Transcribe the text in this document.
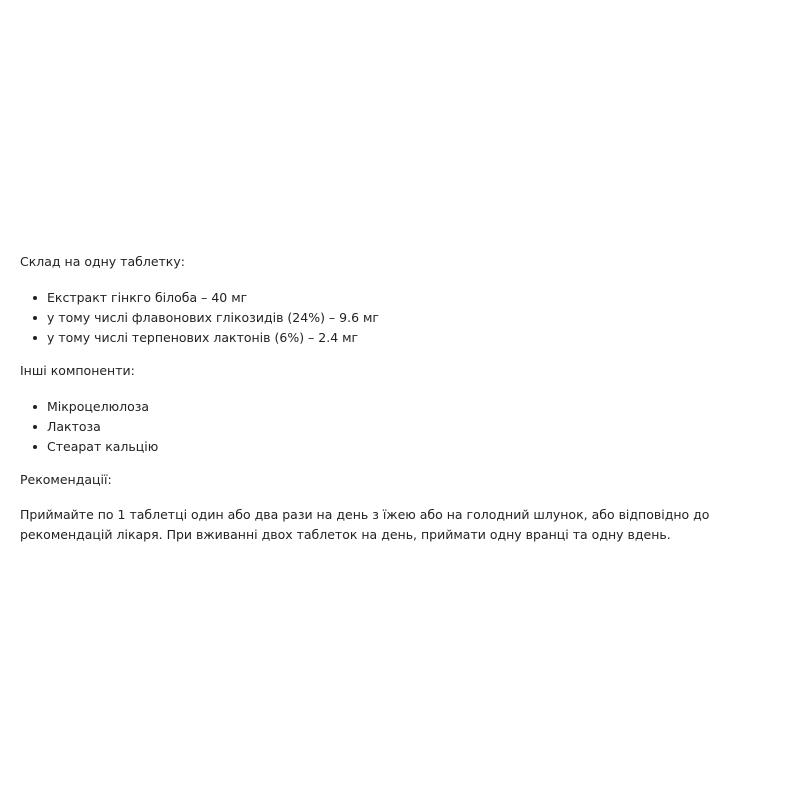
Склад на одну таблетку:

Екстракт гінкго білоба – 40 мг
у тому числі флавонових глікозидів (24%) – 9.6 мг
у тому числі терпенових лактонів (6%) – 2.4 мг

Інші компоненти:

Мікроцелюлоза
Лактоза
Стеарат кальцію

Рекомендації:

Приймайте по 1 таблетці один або два рази на день з їжею або на голодний шлунок, або відповідно до рекомендацій лікаря. При вживанні двох таблеток на день, приймати одну вранці та одну вдень.
